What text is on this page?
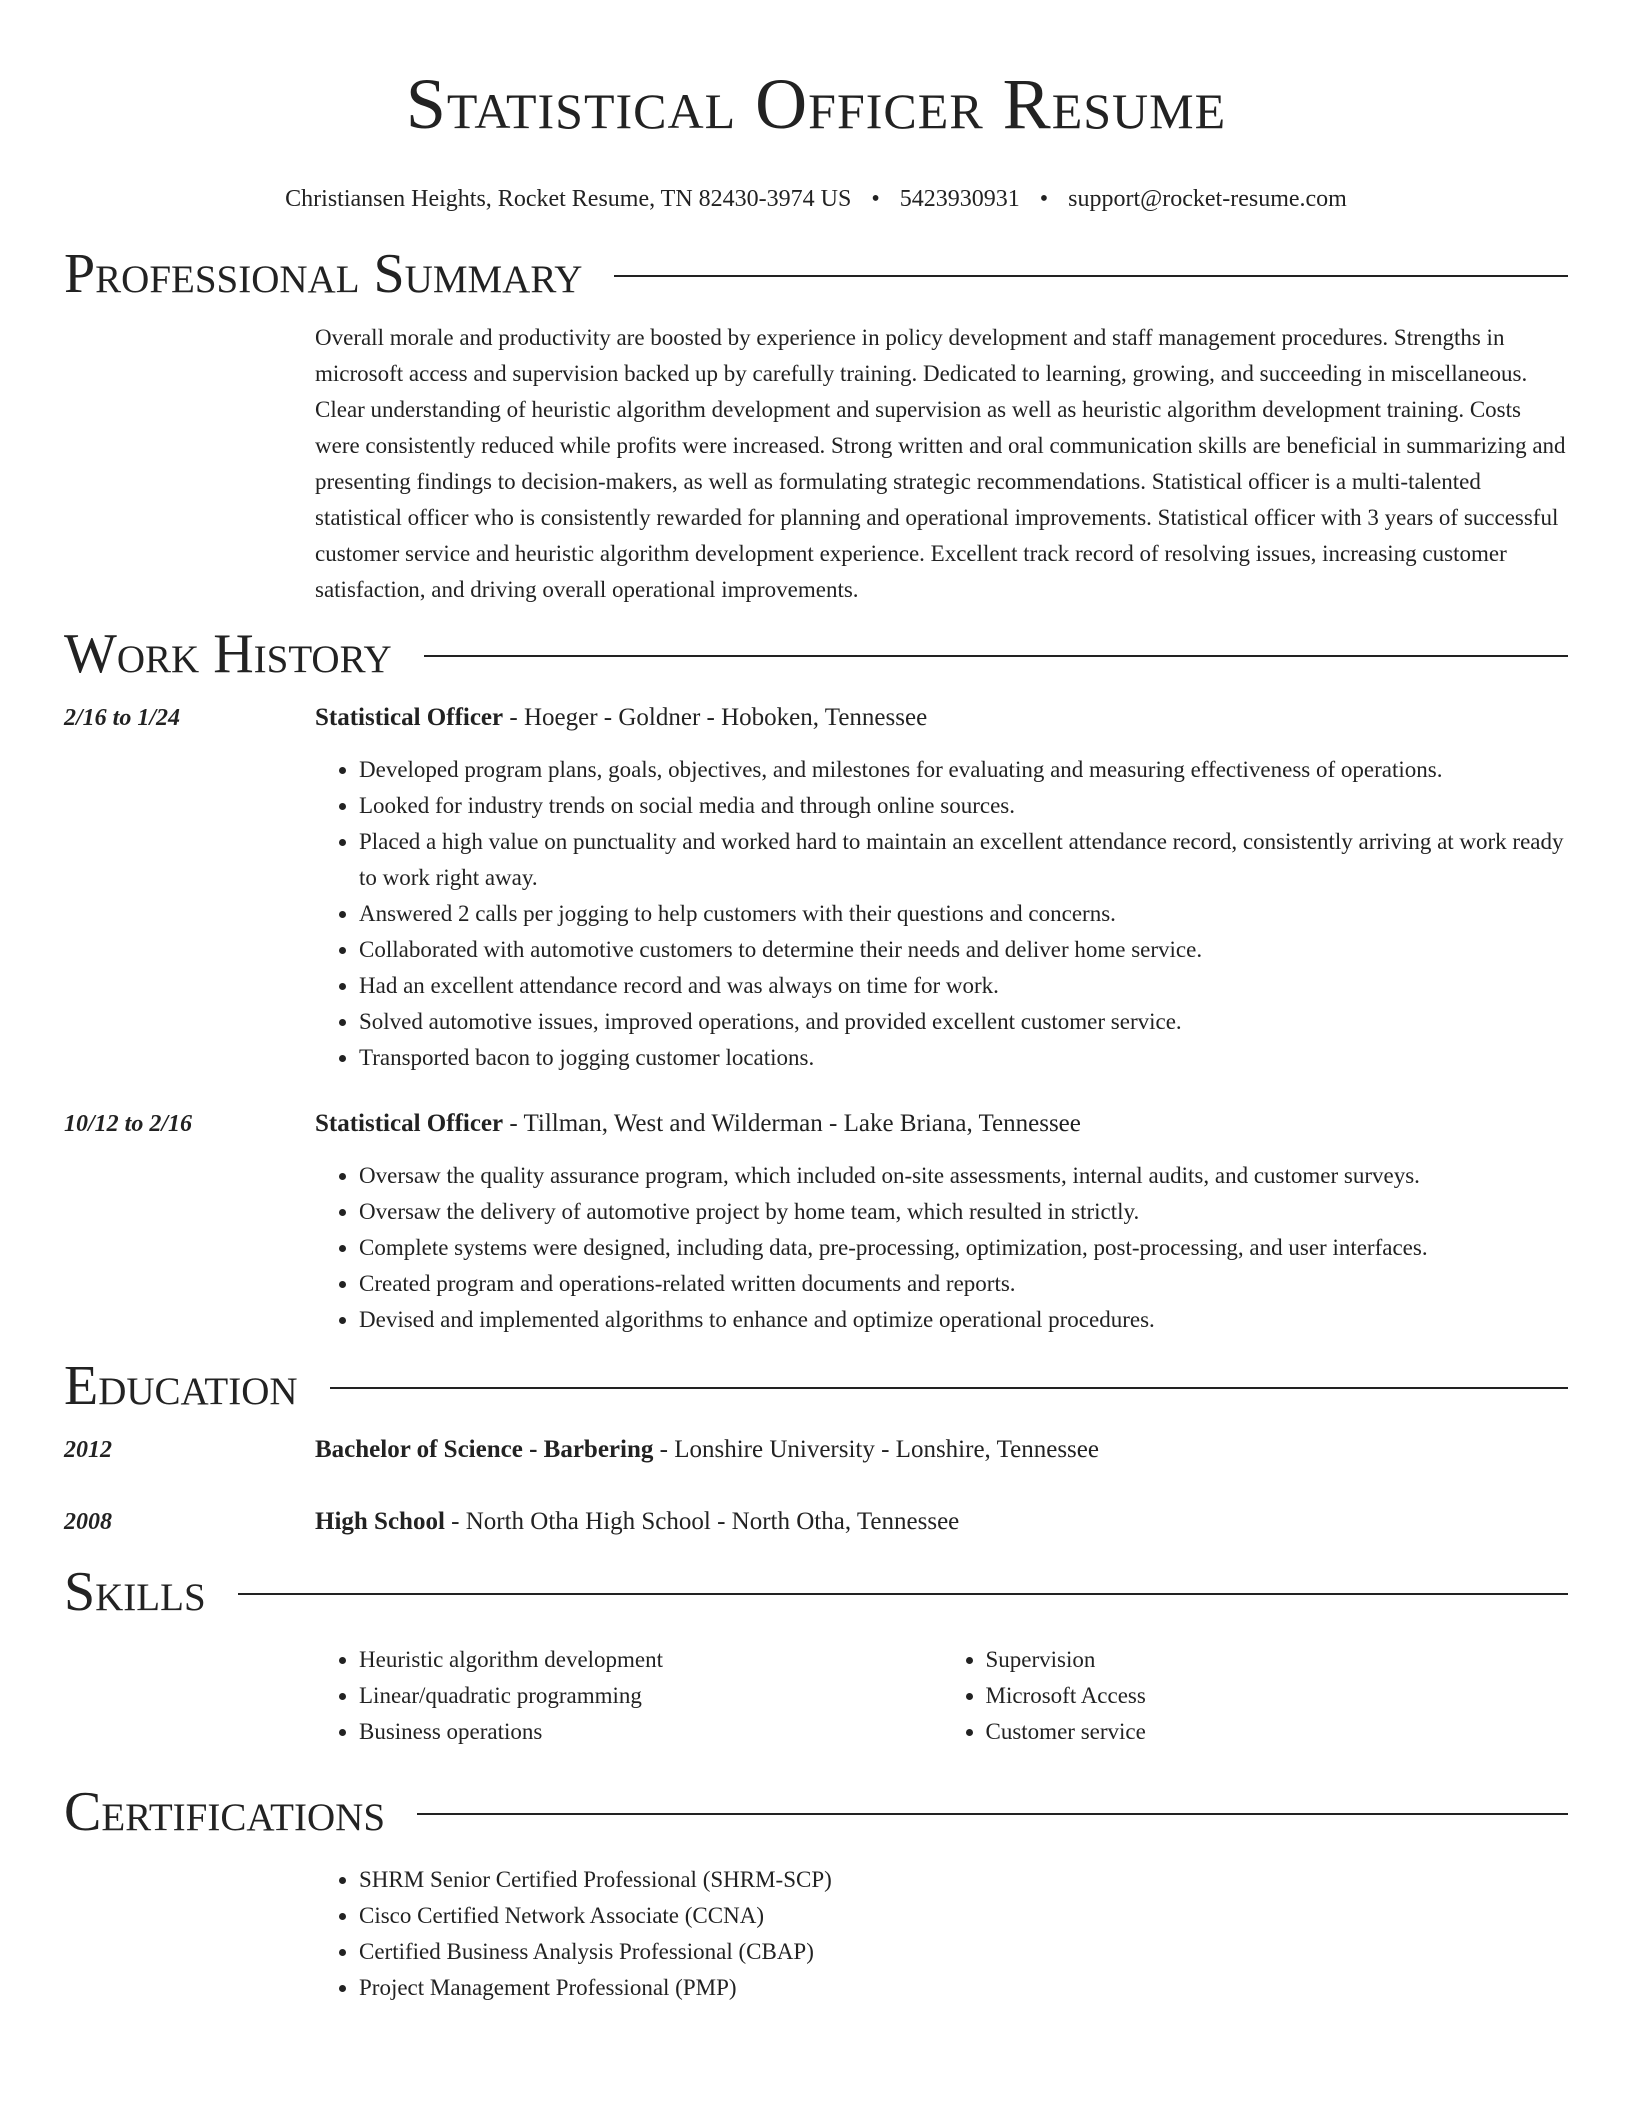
Statistical Officer Resume
Christiansen Heights, Rocket Resume, TN 82430-3974 US • 5423930931 • support@rocket-resume.com
Professional Summary
Overall morale and productivity are boosted by experience in policy development and staff management procedures. Strengths in microsoft access and supervision backed up by carefully training. Dedicated to learning, growing, and succeeding in miscellaneous. Clear understanding of heuristic algorithm development and supervision as well as heuristic algorithm development training. Costs were consistently reduced while profits were increased. Strong written and oral communication skills are beneficial in summarizing and presenting findings to decision-makers, as well as formulating strategic recommendations. Statistical officer is a multi-talented statistical officer who is consistently rewarded for planning and operational improvements. Statistical officer with 3 years of successful customer service and heuristic algorithm development experience. Excellent track record of resolving issues, increasing customer satisfaction, and driving overall operational improvements.
Work History
2/16 to 1/24	Statistical Officer - Hoeger - Goldner - Hoboken, Tennessee
• Developed program plans, goals, objectives, and milestones for evaluating and measuring effectiveness of operations.
• Looked for industry trends on social media and through online sources.
• Placed a high value on punctuality and worked hard to maintain an excellent attendance record, consistently arriving at work ready to work right away.
• Answered 2 calls per jogging to help customers with their questions and concerns.
• Collaborated with automotive customers to determine their needs and deliver home service.
• Had an excellent attendance record and was always on time for work.
• Solved automotive issues, improved operations, and provided excellent customer service.
• Transported bacon to jogging customer locations.
10/12 to 2/16	Statistical Officer - Tillman, West and Wilderman - Lake Briana, Tennessee
• Oversaw the quality assurance program, which included on-site assessments, internal audits, and customer surveys.
• Oversaw the delivery of automotive project by home team, which resulted in strictly.
• Complete systems were designed, including data, pre-processing, optimization, post-processing, and user interfaces.
• Created program and operations-related written documents and reports.
• Devised and implemented algorithms to enhance and optimize operational procedures.
Education
2012	Bachelor of Science - Barbering - Lonshire University - Lonshire, Tennessee
2008	High School - North Otha High School - North Otha, Tennessee
Skills
• Heuristic algorithm development
• Linear/quadratic programming
• Business operations
• Supervision
• Microsoft Access
• Customer service
Certifications
• SHRM Senior Certified Professional (SHRM-SCP)
• Cisco Certified Network Associate (CCNA)
• Certified Business Analysis Professional (CBAP)
• Project Management Professional (PMP)
